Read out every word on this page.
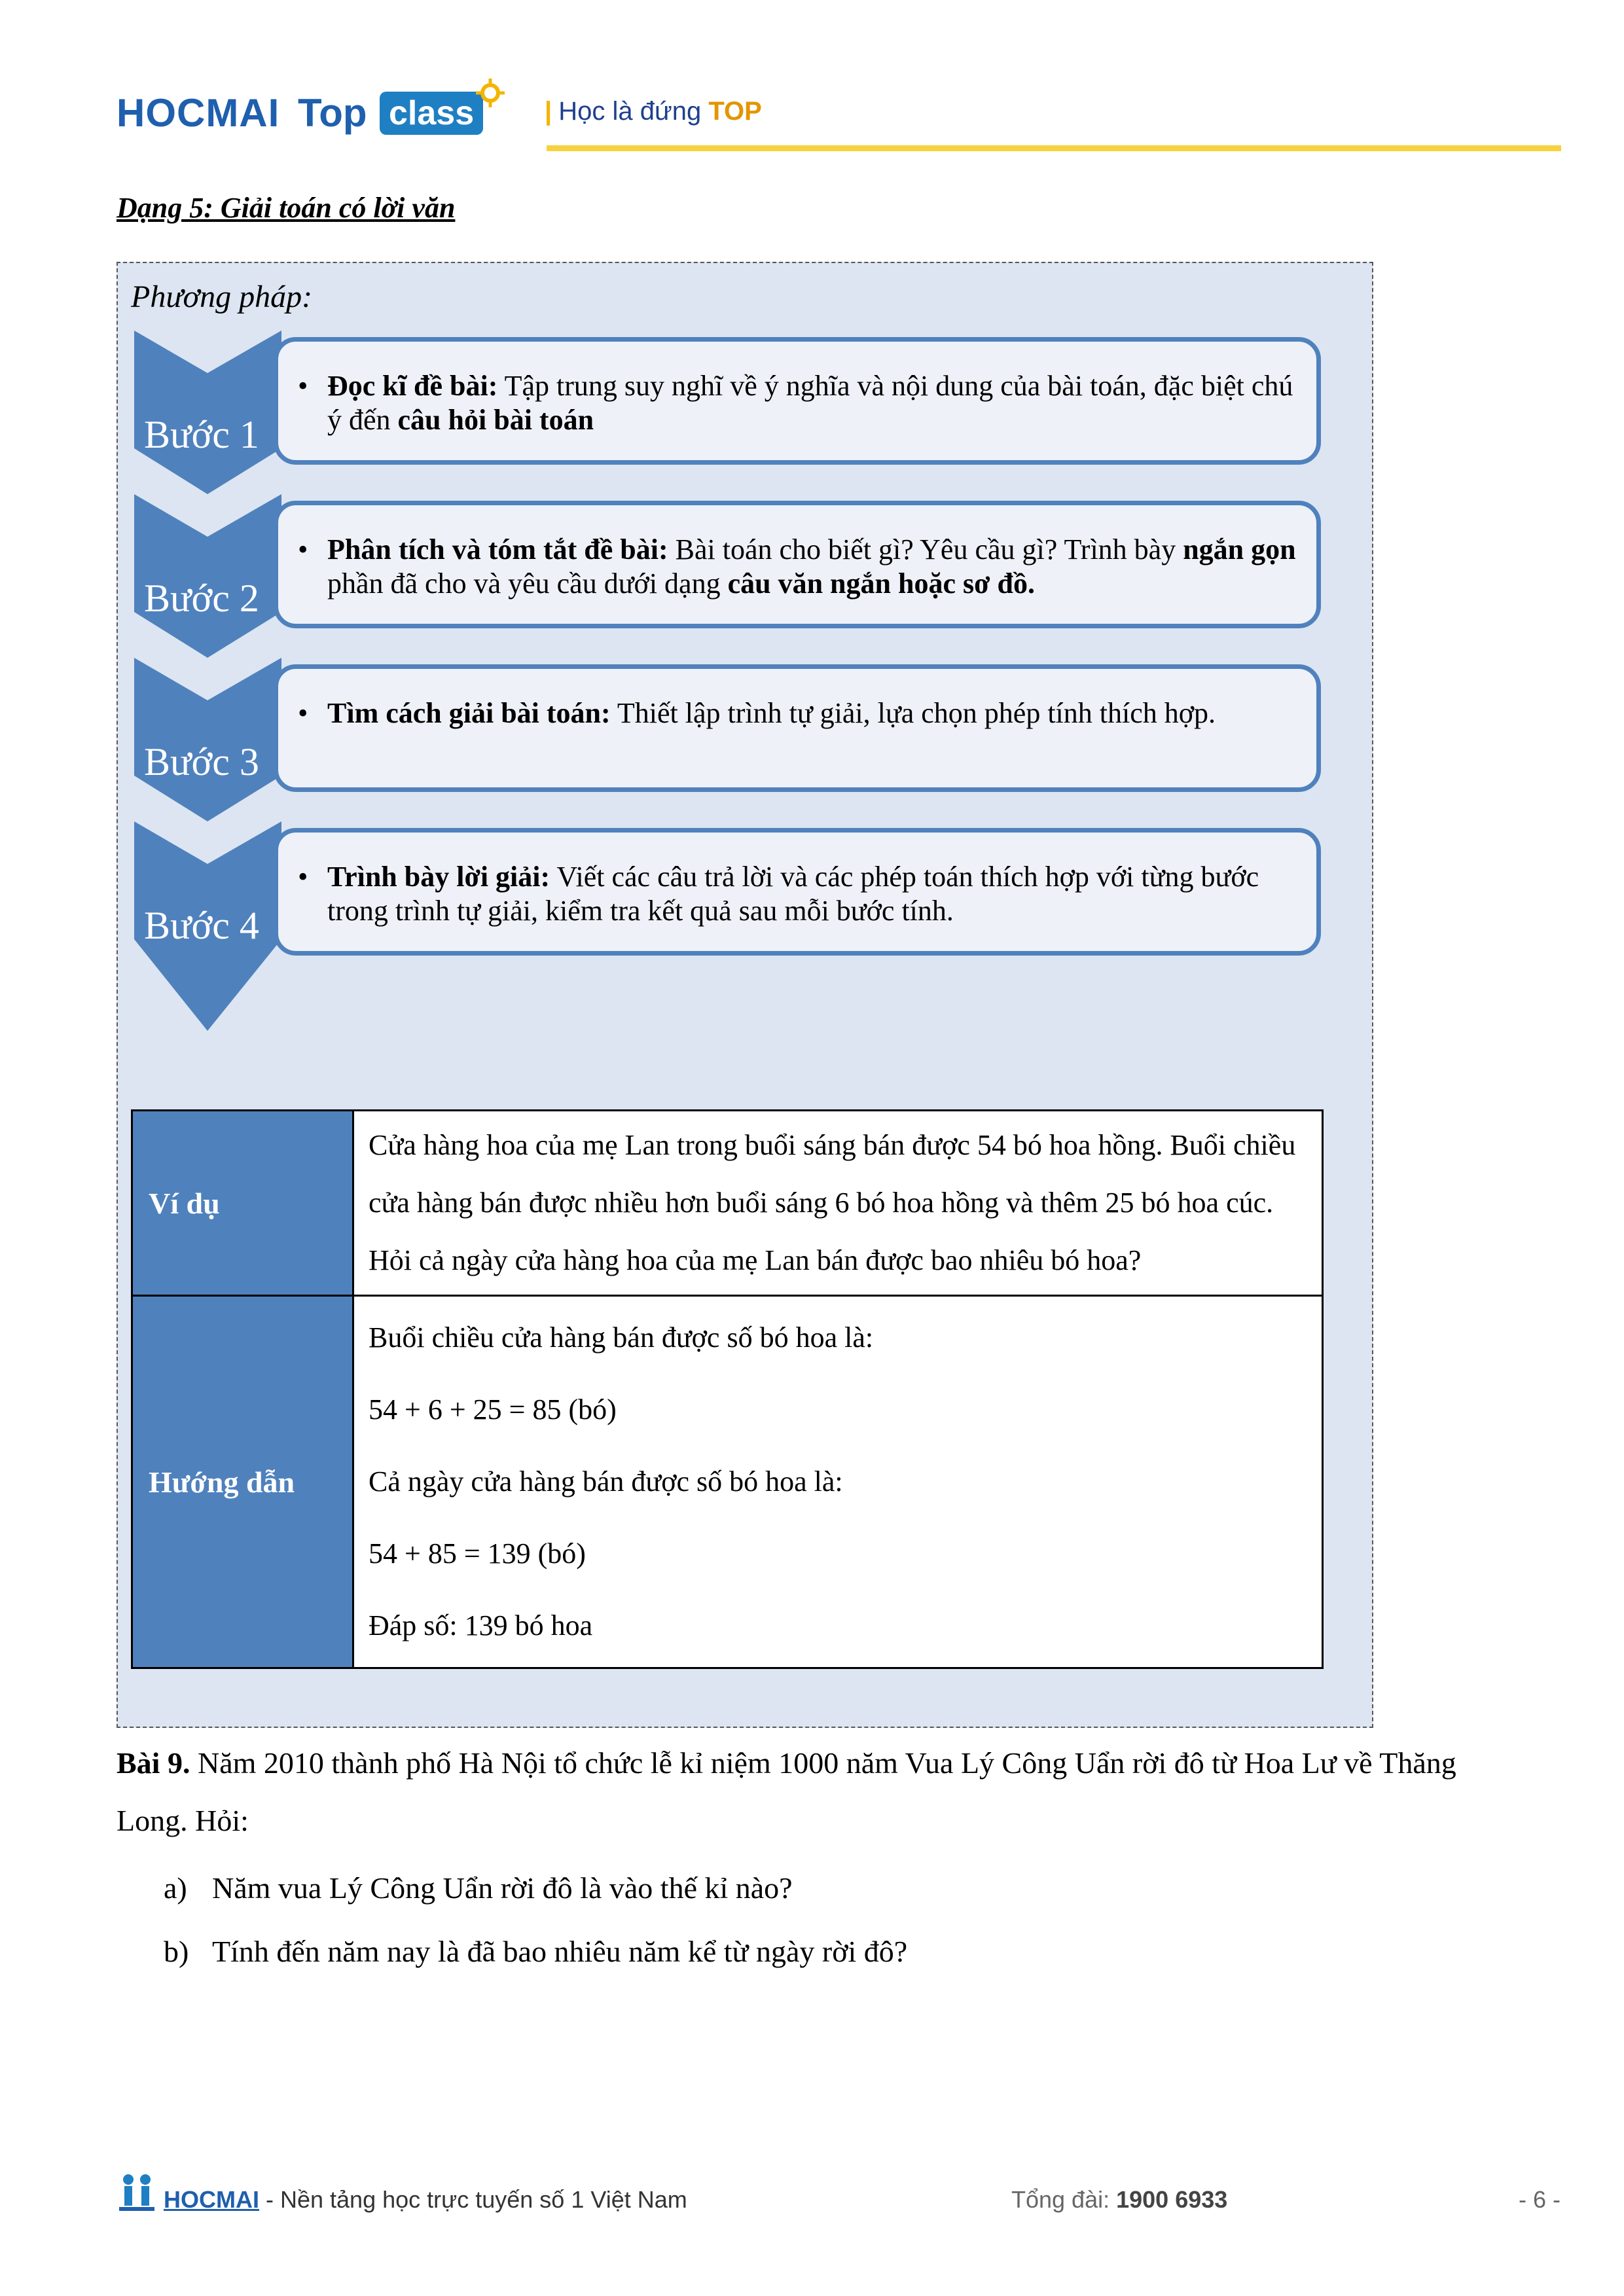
HOCMAI Top class	| Học là đứng TOP
Dạng 5: Giải toán có lời văn
Phương pháp:
Bước 1
Bước 2
Bước 3
Bước 4
• Đọc kĩ đề bài: Tập trung suy nghĩ về ý nghĩa và nội dung của bài toán, đặc biệt chú ý đến câu hỏi bài toán
• Phân tích và tóm tắt đề bài: Bài toán cho biết gì? Yêu cầu gì? Trình bày ngắn gọn phần đã cho và yêu cầu dưới dạng câu văn ngắn hoặc sơ đồ.
• Tìm cách giải bài toán: Thiết lập trình tự giải, lựa chọn phép tính thích hợp.
• Trình bày lời giải: Viết các câu trả lời và các phép toán thích hợp với từng bước trong trình tự giải, kiểm tra kết quả sau mỗi bước tính.
Ví dụ	Cửa hàng hoa của mẹ Lan trong buổi sáng bán được 54 bó hoa hồng. Buổi chiều cửa hàng bán được nhiều hơn buổi sáng 6 bó hoa hồng và thêm 25 bó hoa cúc. Hỏi cả ngày cửa hàng hoa của mẹ Lan bán được bao nhiêu bó hoa?
Hướng dẫn	Buổi chiều cửa hàng bán được số bó hoa là:
54 + 6 + 25 = 85 (bó)
Cả ngày cửa hàng bán được số bó hoa là:
54 + 85 = 139 (bó)
Đáp số: 139 bó hoa
Bài 9. Năm 2010 thành phố Hà Nội tổ chức lễ kỉ niệm 1000 năm Vua Lý Công Uẩn rời đô từ Hoa Lư về Thăng Long. Hỏi:
a) Năm vua Lý Công Uẩn rời đô là vào thế kỉ nào?
b) Tính đến năm nay là đã bao nhiêu năm kể từ ngày rời đô?
HOCMAI - Nền tảng học trực tuyến số 1 Việt Nam	Tổng đài: 1900 6933	- 6 -
